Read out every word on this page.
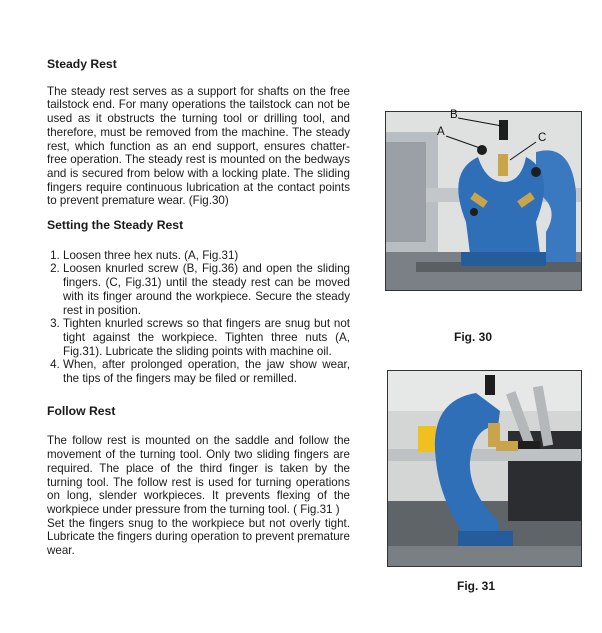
Steady Rest

The steady rest serves as a support for shafts on the free tailstock end. For many operations the tailstock can not be used as it obstructs the turning tool or drilling tool, and therefore, must be removed from the machine. The steady rest, which function as an end support, ensures chatter-free operation. The steady rest is mounted on the bedways and is secured from below with a locking plate. The sliding fingers require continuous lubrication at the contact points to prevent premature wear. (Fig.30)

Setting the Steady Rest
1. Loosen three hex nuts. (A, Fig.31)
2. Loosen knurled screw (B, Fig.36) and open the sliding fingers. (C, Fig.31) until the steady rest can be moved with its finger around the workpiece. Secure the steady rest in position.
3. Tighten knurled screws so that fingers are snug but not tight against the workpiece. Tighten three nuts (A, Fig.31). Lubricate the sliding points with machine oil.
4. When, after prolonged operation, the jaw show wear, the tips of the fingers may be filed or remilled.
Follow Rest

The follow rest is mounted on the saddle and follow the movement of the turning tool. Only two sliding fingers are required. The place of the third finger is taken by the turning tool. The follow rest is used for turning operations on long, slender workpieces. It prevents flexing of the workpiece under pressure from the turning tool. ( Fig.31 )

Set the fingers snug to the workpiece but not overly tight. Lubricate the fingers during operation to prevent premature wear.

B
A	C
Fig. 30
Fig. 31
